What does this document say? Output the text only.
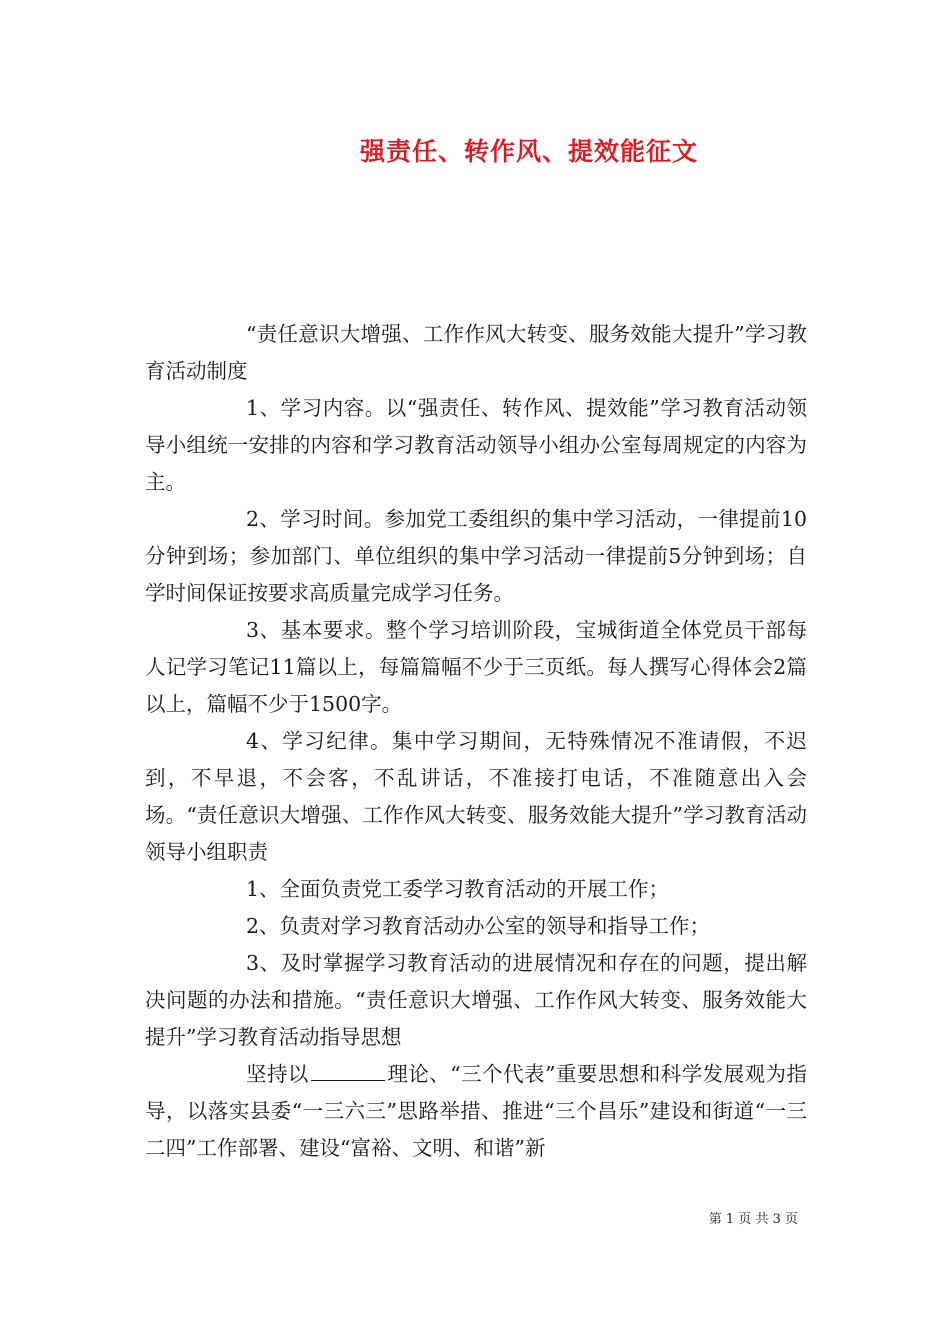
强责任、转作风、提效能征文

“责任意识大增强、工作作风大转变、服务效能大提升”学习教育活动制度

1、学习内容。以“强责任、转作风、提效能”学习教育活动领导小组统一安排的内容和学习教育活动领导小组办公室每周规定的内容为主。

2、学习时间。参加党工委组织的集中学习活动，一律提前10分钟到场；参加部门、单位组织的集中学习活动一律提前5分钟到场；自学时间保证按要求高质量完成学习任务。

3、基本要求。整个学习培训阶段，宝城街道全体党员干部每人记学习笔记11篇以上，每篇篇幅不少于三页纸。每人撰写心得体会2篇以上，篇幅不少于1500字。

4、学习纪律。集中学习期间，无特殊情况不准请假，不迟到，不早退，不会客，不乱讲话，不准接打电话，不准随意出入会场。“责任意识大增强、工作作风大转变、服务效能大提升”学习教育活动领导小组职责

1、全面负责党工委学习教育活动的开展工作；

2、负责对学习教育活动办公室的领导和指导工作；

3、及时掌握学习教育活动的进展情况和存在的问题，提出解决问题的办法和措施。“责任意识大增强、工作作风大转变、服务效能大提升”学习教育活动指导思想

坚持以	理论、“三个代表”重要思想和科学发展观为指导，以落实县委“一三六三”思路举措、推进“三个昌乐”建设和街道“一三二四”工作部署、建设“富裕、文明、和谐”新

第 1 页 共 3 页
